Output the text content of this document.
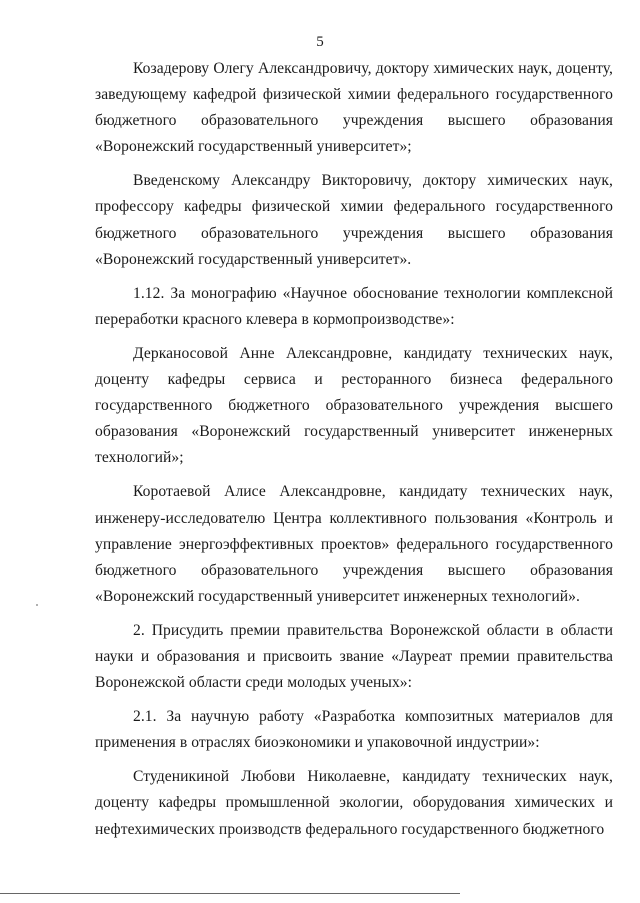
5

Козадерову Олегу Александровичу, доктору химических наук, доценту, заведующему кафедрой физической химии федерального государственного бюджетного образовательного учреждения высшего образования «Воронежский государственный университет»;

Введенскому Александру Викторовичу, доктору химических наук, профессору кафедры физической химии федерального государственного бюджетного образовательного учреждения высшего образования «Воронежский государственный университет».

1.12. За монографию «Научное обоснование технологии комплексной переработки красного клевера в кормопроизводстве»:

Дерканосовой Анне Александровне, кандидату технических наук, доценту кафедры сервиса и ресторанного бизнеса федерального государственного бюджетного образовательного учреждения высшего образования «Воронежский государственный университет инженерных технологий»;

Коротаевой Алисе Александровне, кандидату технических наук, инженеру-исследователю Центра коллективного пользования «Контроль и управление энергоэффективных проектов» федерального государственного бюджетного образовательного учреждения высшего образования «Воронежский государственный университет инженерных технологий».

2. Присудить премии правительства Воронежской области в области науки и образования и присвоить звание «Лауреат премии правительства Воронежской области среди молодых ученых»:

2.1. За научную работу «Разработка композитных материалов для применения в отраслях биоэкономики и упаковочной индустрии»:

Студеникиной Любови Николаевне, кандидату технических наук, доценту кафедры промышленной экологии, оборудования химических и нефтехимических производств федерального государственного бюджетного
